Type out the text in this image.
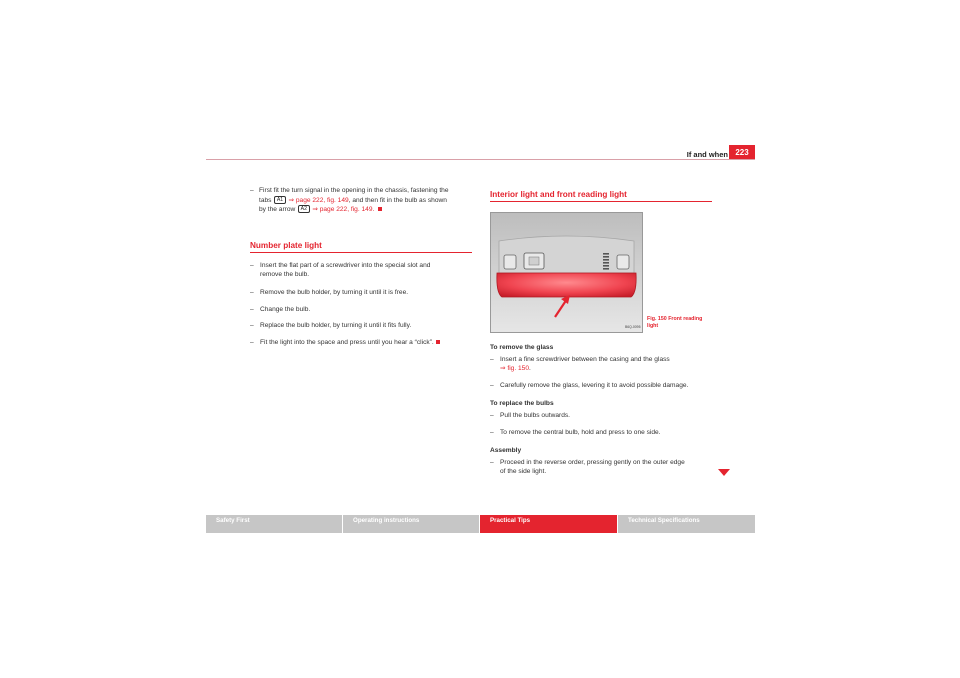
If and when 223
– First fit the turn signal in the opening in the chassis, fastening the
tabs A1 ⇒ page 222, fig. 149, and then fit in the bulb as shown
by the arrow A2 ⇒ page 222, fig. 149.
Number plate light
– Insert the flat part of a screwdriver into the special slot and
remove the bulb.
– Remove the bulb holder, by turning it until it is free.
– Change the bulb.
– Replace the bulb holder, by turning it until it fits fully.
– Fit the light into the space and press until you hear a “click”.
Interior light and front reading light
B6Q-0095
Fig. 150 Front reading
light
To remove the glass
– Insert a fine screwdriver between the casing and the glass
⇒ fig. 150.
– Carefully remove the glass, levering it to avoid possible damage.
To replace the bulbs
– Pull the bulbs outwards.
– To remove the central bulb, hold and press to one side.
Assembly
– Proceed in the reverse order, pressing gently on the outer edge
of the side light.
Safety First	Operating instructions	Practical Tips	Technical Specifications
